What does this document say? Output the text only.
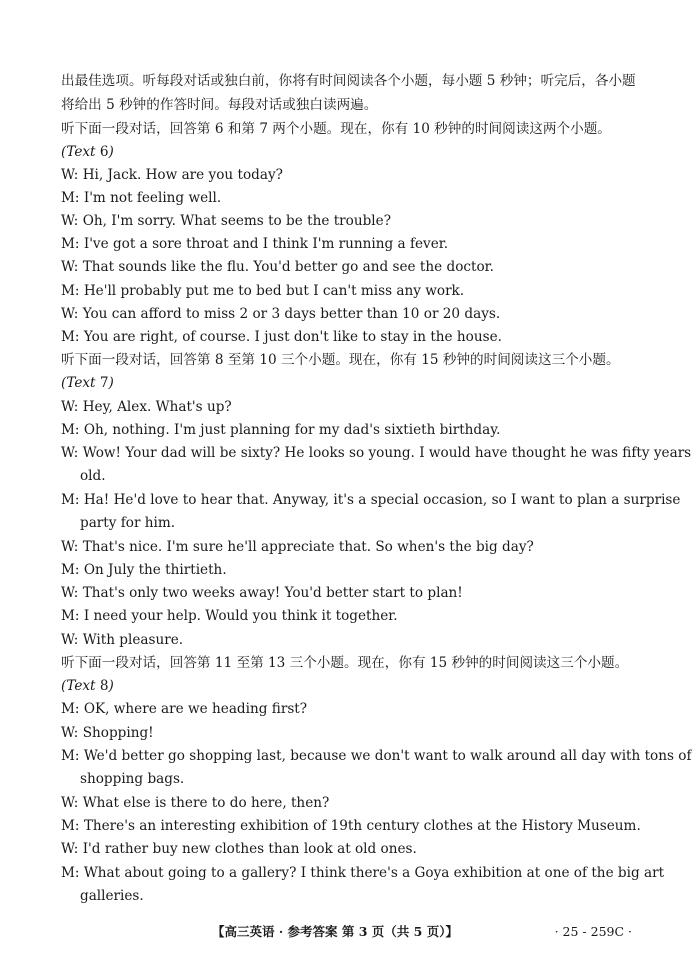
出最佳选项。听每段对话或独白前，你将有时间阅读各个小题，每小题 5 秒钟；听完后，各小题
将给出 5 秒钟的作答时间。每段对话或独白读两遍。
听下面一段对话，回答第 6 和第 7 两个小题。现在，你有 10 秒钟的时间阅读这两个小题。
(Text 6)
W: Hi, Jack. How are you today?
M: I'm not feeling well.
W: Oh, I'm sorry. What seems to be the trouble?
M: I've got a sore throat and I think I'm running a fever.
W: That sounds like the flu. You'd better go and see the doctor.
M: He'll probably put me to bed but I can't miss any work.
W: You can afford to miss 2 or 3 days better than 10 or 20 days.
M: You are right, of course. I just don't like to stay in the house.
听下面一段对话，回答第 8 至第 10 三个小题。现在，你有 15 秒钟的时间阅读这三个小题。
(Text 7)
W: Hey, Alex. What's up?
M: Oh, nothing. I'm just planning for my dad's sixtieth birthday.
W: Wow! Your dad will be sixty? He looks so young. I would have thought he was fifty years
old.
M: Ha! He'd love to hear that. Anyway, it's a special occasion, so I want to plan a surprise
party for him.
W: That's nice. I'm sure he'll appreciate that. So when's the big day?
M: On July the thirtieth.
W: That's only two weeks away! You'd better start to plan!
M: I need your help. Would you think it together.
W: With pleasure.
听下面一段对话，回答第 11 至第 13 三个小题。现在，你有 15 秒钟的时间阅读这三个小题。
(Text 8)
M: OK, where are we heading first?
W: Shopping!
M: We'd better go shopping last, because we don't want to walk around all day with tons of
shopping bags.
W: What else is there to do here, then?
M: There's an interesting exhibition of 19th century clothes at the History Museum.
W: I'd rather buy new clothes than look at old ones.
M: What about going to a gallery? I think there's a Goya exhibition at one of the big art
galleries.
【高三英语 · 参考答案 第 3 页（共 5 页）】	· 25 - 259C ·
